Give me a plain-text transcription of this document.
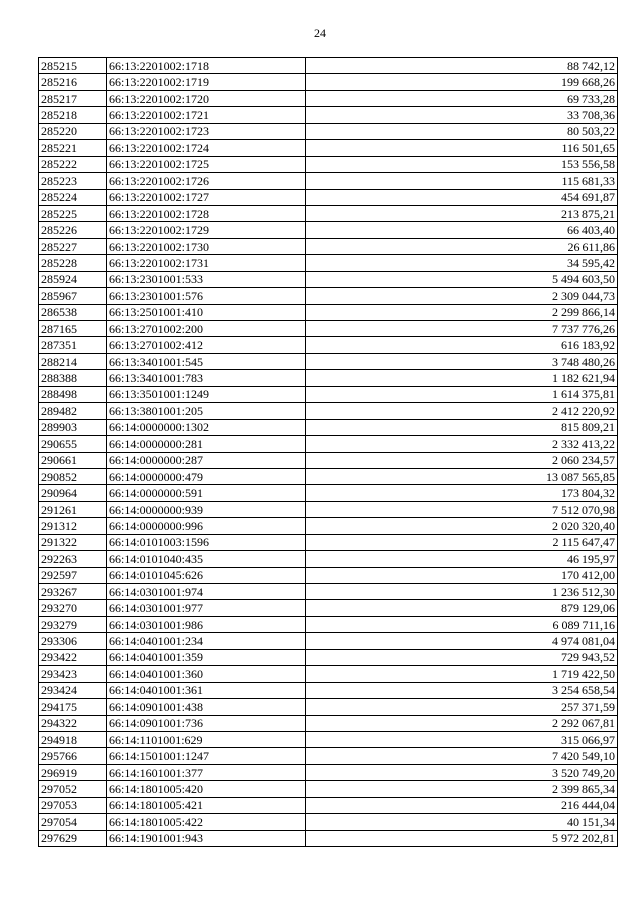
24
285215	66:13:2201002:1718	88 742,12
285216	66:13:2201002:1719	199 668,26
285217	66:13:2201002:1720	69 733,28
285218	66:13:2201002:1721	33 708,36
285220	66:13:2201002:1723	80 503,22
285221	66:13:2201002:1724	116 501,65
285222	66:13:2201002:1725	153 556,58
285223	66:13:2201002:1726	115 681,33
285224	66:13:2201002:1727	454 691,87
285225	66:13:2201002:1728	213 875,21
285226	66:13:2201002:1729	66 403,40
285227	66:13:2201002:1730	26 611,86
285228	66:13:2201002:1731	34 595,42
285924	66:13:2301001:533	5 494 603,50
285967	66:13:2301001:576	2 309 044,73
286538	66:13:2501001:410	2 299 866,14
287165	66:13:2701002:200	7 737 776,26
287351	66:13:2701002:412	616 183,92
288214	66:13:3401001:545	3 748 480,26
288388	66:13:3401001:783	1 182 621,94
288498	66:13:3501001:1249	1 614 375,81
289482	66:13:3801001:205	2 412 220,92
289903	66:14:0000000:1302	815 809,21
290655	66:14:0000000:281	2 332 413,22
290661	66:14:0000000:287	2 060 234,57
290852	66:14:0000000:479	13 087 565,85
290964	66:14:0000000:591	173 804,32
291261	66:14:0000000:939	7 512 070,98
291312	66:14:0000000:996	2 020 320,40
291322	66:14:0101003:1596	2 115 647,47
292263	66:14:0101040:435	46 195,97
292597	66:14:0101045:626	170 412,00
293267	66:14:0301001:974	1 236 512,30
293270	66:14:0301001:977	879 129,06
293279	66:14:0301001:986	6 089 711,16
293306	66:14:0401001:234	4 974 081,04
293422	66:14:0401001:359	729 943,52
293423	66:14:0401001:360	1 719 422,50
293424	66:14:0401001:361	3 254 658,54
294175	66:14:0901001:438	257 371,59
294322	66:14:0901001:736	2 292 067,81
294918	66:14:1101001:629	315 066,97
295766	66:14:1501001:1247	7 420 549,10
296919	66:14:1601001:377	3 520 749,20
297052	66:14:1801005:420	2 399 865,34
297053	66:14:1801005:421	216 444,04
297054	66:14:1801005:422	40 151,34
297629	66:14:1901001:943	5 972 202,81
